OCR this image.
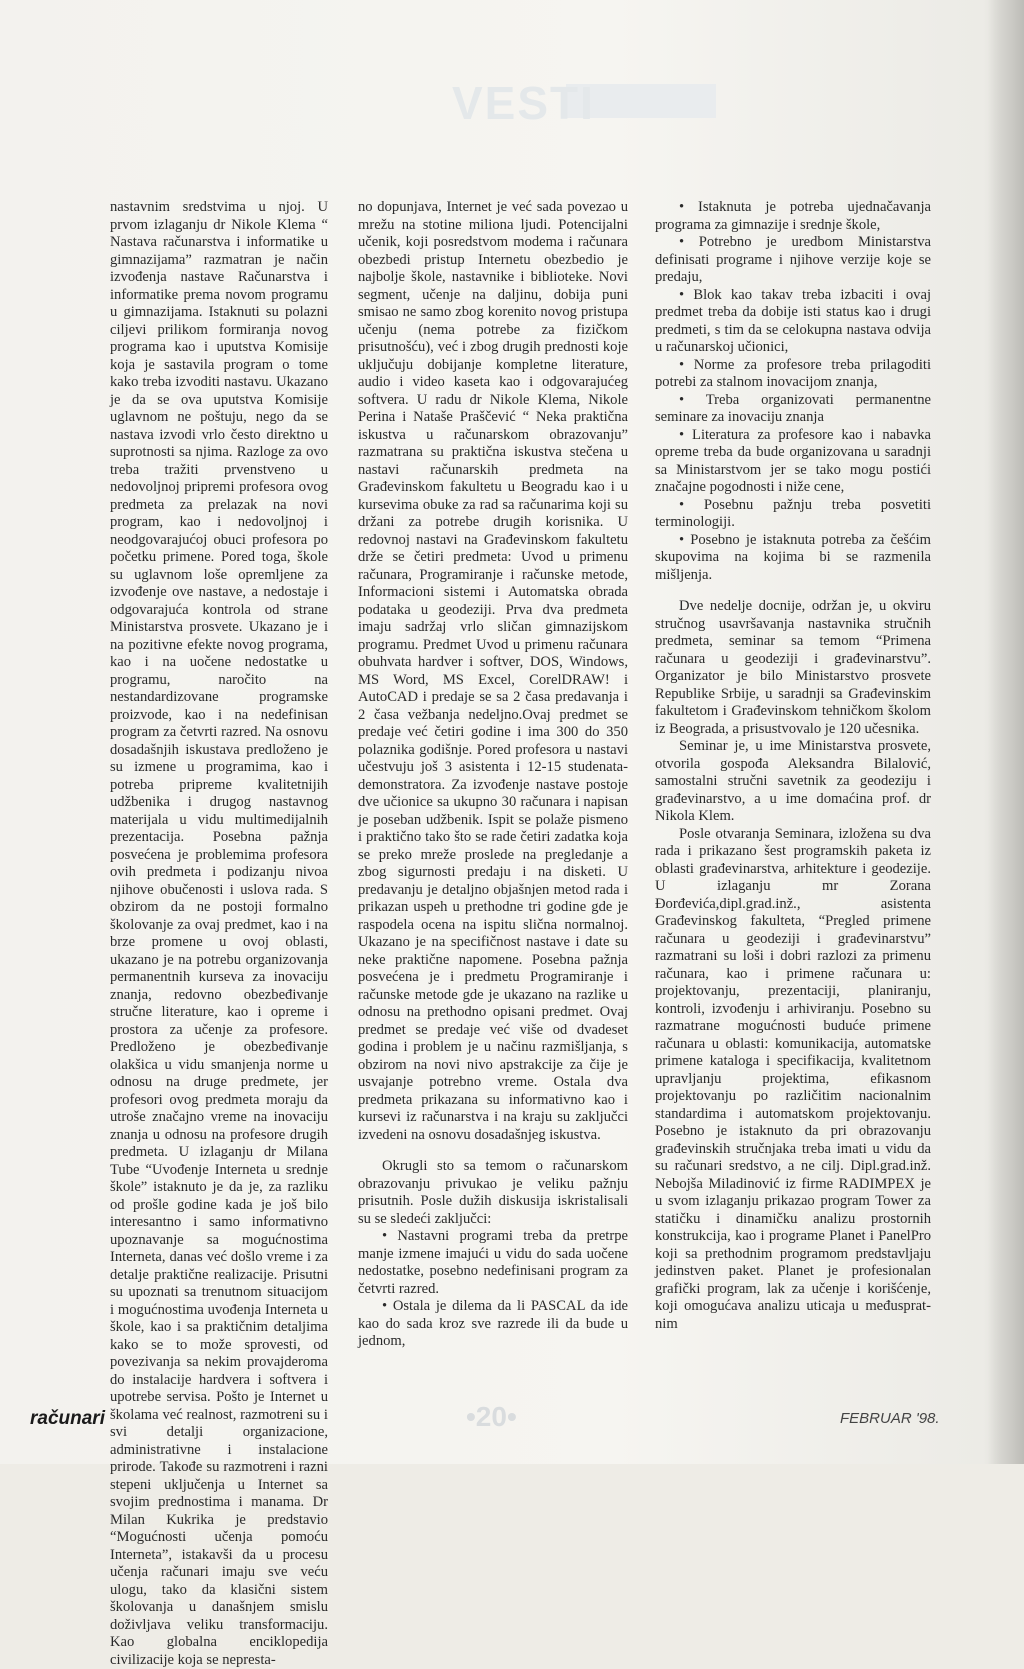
VESTI

nastavnim sredstvima u njoj. U prvom izlaganju dr Nikole Klema “ Nastava računarstva i informatike u gimnazijama” razmatran je način izvođenja nastave Računarstva i informatike prema novom programu u gimnazijama. Istaknuti su polazni ciljevi prilikom formiranja novog programa kao i uputstva Komisije koja je sastavila program o tome kako treba izvoditi nastavu. Ukazano je da se ova uputstva Komisije uglavnom ne poštuju, nego da se nastava izvodi vrlo često direktno u suprotnosti sa njima. Razloge za ovo treba tražiti prvenstveno u nedovoljnoj pripremi profesora ovog predmeta za prelazak na novi program, kao i nedovoljnoj i neodgovarajućoj obuci profesora po početku primene. Pored toga, škole su uglavnom loše opremljene za izvođenje ove nastave, a nedostaje i odgovarajuća kontrola od strane Ministarstva prosvete. Ukazano je i na pozitivne efekte novog programa, kao i na uočene nedostatke u programu, naročito na nestandardizovane programske proizvode, kao i na nedefinisan program za četvrti razred. Na osnovu dosadašnjih iskustava predloženo je su izmene u programima, kao i potreba pripreme kvalitetnijih udžbenika i drugog nastavnog materijala u vidu multimedijalnih prezentacija. Posebna pažnja posvećena je problemima profesora ovih predmeta i podizanju nivoa njihove obučenosti i uslova rada. S obzirom da ne postoji formalno školovanje za ovaj predmet, kao i na brze promene u ovoj oblasti, ukazano je na potrebu organizovanja permanentnih kurseva za inovaciju znanja, redovno obezbeđivanje stručne literature, kao i opreme i prostora za učenje za profesore. Predloženo je obezbeđivanje olakšica u vidu smanjenja norme u odnosu na druge predmete, jer profesori ovog predmeta moraju da utroše značajno vreme na inovaciju znanja u odnosu na profesore drugih predmeta. U izlaganju dr Milana Tube “Uvođenje Interneta u srednje škole” istaknuto je da je, za razliku od prošle godine kada je još bilo interesantno i samo informativno upoznavanje sa mogućnostima Interneta, danas već došlo vreme i za detalje praktične realizacije. Prisutni su upoznati sa trenutnom situacijom i mogućnostima uvođenja Interneta u škole, kao i sa praktičnim detaljima kako se to može sprovesti, od povezivanja sa nekim provajderoma do instalacije hardvera i softvera i upotrebe servisa. Pošto je Internet u školama već realnost, razmotreni su i svi detalji organizacione, administrativne i instalacione prirode. Takođe su razmotreni i razni stepeni uključenja u Internet sa svojim prednostima i manama. Dr Milan Kukrika je predstavio “Mogućnosti učenja pomoću Interneta”, istakavši da u procesu učenja računari imaju sve veću ulogu, tako da klasični sistem školovanja u današnjem smislu doživljava veliku transformaciju. Kao globalna enciklopedija civilizacije koja se nepresta-

no dopunjava, Internet je već sada povezao u mrežu na stotine miliona ljudi. Potencijalni učenik, koji posredstvom modema i računara obezbedi pristup Internetu obezbedio je najbolje škole, nastavnike i biblioteke. Novi segment, učenje na daljinu, dobija puni smisao ne samo zbog korenito novog pristupa učenju (nema potrebe za fizičkom prisutnošću), već i zbog drugih prednosti koje uključuju dobijanje kompletne literature, audio i video kaseta kao i odgovarajućeg softvera. U radu dr Nikole Klema, Nikole Perina i Nataše Praščević “ Neka praktična iskustva u računarskom obrazovanju” razmatrana su praktična iskustva stečena u nastavi računarskih predmeta na Građevinskom fakultetu u Beogradu kao i u kursevima obuke za rad sa računarima koji su držani za potrebe drugih korisnika. U redovnoj nastavi na Građevinskom fakultetu drže se četiri predmeta: Uvod u primenu računara, Programiranje i računske metode, Informacioni sistemi i Automatska obrada podataka u geodeziji. Prva dva predmeta imaju sadržaj vrlo sličan gimnazijskom programu. Predmet Uvod u primenu računara obuhvata hardver i softver, DOS, Windows, MS Word, MS Excel, CorelDRAW! i AutoCAD i predaje se sa 2 časa predavanja i 2 časa vežbanja nedeljno.Ovaj predmet se predaje već četiri godine i ima 300 do 350 polaznika godišnje. Pored profesora u nastavi učestvuju još 3 asistenta i 12-15 studenata-demonstratora. Za izvođenje nastave postoje dve učionice sa ukupno 30 računara i napisan je poseban udžbenik. Ispit se polaže pismeno i praktično tako što se rade četiri zadatka koja se preko mreže proslede na pregledanje a zbog sigurnosti predaju i na disketi. U predavanju je detaljno objašnjen metod rada i prikazan uspeh u prethodne tri godine gde je raspodela ocena na ispitu slična normalnoj. Ukazano je na specifičnost nastave i date su neke praktične napomene. Posebna pažnja posvećena je i predmetu Programiranje i računske metode gde je ukazano na razlike u odnosu na prethodno opisani predmet. Ovaj predmet se predaje već više od dvadeset godina i problem je u načinu razmišljanja, s obzirom na novi nivo apstrakcije za čije je usvajanje potrebno vreme. Ostala dva predmeta prikazana su informativno kao i kursevi iz računarstva i na kraju su zaključci izvedeni na osnovu dosadašnjeg iskustva.

Okrugli sto sa temom o računarskom obrazovanju privukao je veliku pažnju prisutnih. Posle dužih diskusija iskristalisali su se sledeći zaključci:

• Nastavni programi treba da pretrpe manje izmene imajući u vidu do sada uočene nedostatke, posebno nedefinisani program za četvrti razred.

• Ostala je dilema da li PASCAL da ide kao do sada kroz sve razrede ili da bude u jednom,

• Istaknuta je potreba ujednačavanja programa za gimnazije i srednje škole,

• Potrebno je uredbom Ministarstva definisati programe i njihove verzije koje se predaju,

• Blok kao takav treba izbaciti i ovaj predmet treba da dobije isti status kao i drugi predmeti, s tim da se celokupna nastava odvija u računarskoj učionici,

• Norme za profesore treba prilagoditi potrebi za stalnom inovacijom znanja,

• Treba organizovati permanentne seminare za inovaciju znanja

• Literatura za profesore kao i nabavka opreme treba da bude organizovana u saradnji sa Ministarstvom jer se tako mogu postići značajne pogodnosti i niže cene,

• Posebnu pažnju treba posvetiti terminologiji.

• Posebno je istaknuta potreba za češćim skupovima na kojima bi se razmenila mišljenja.

Dve nedelje docnije, održan je, u okviru stručnog usavršavanja nastavnika stručnih predmeta, seminar sa temom “Primena računara u geodeziji i građevinarstvu”. Organizator je bilo Ministarstvo prosvete Republike Srbije, u saradnji sa Građevinskim fakultetom i Građevinskom tehničkom školom iz Beograda, a prisustvovalo je 120 učesnika.

Seminar je, u ime Ministarstva prosvete, otvorila gospođa Aleksandra Bilalović, samostalni stručni savetnik za geodeziju i građevinarstvo, a u ime domaćina prof. dr Nikola Klem.

Posle otvaranja Seminara, izložena su dva rada i prikazano šest programskih paketa iz oblasti građevinarstva, arhitekture i geodezije. U izlaganju mr Zorana Đorđevića,dipl.grad.inž., asistenta Građevinskog fakulteta, “Pregled primene računara u geodeziji i građevinarstvu” razmatrani su loši i dobri razlozi za primenu računara, kao i primene računara u: projektovanju, prezentaciji, planiranju, kontroli, izvođenju i arhiviranju. Posebno su razmatrane mogućnosti buduće primene računara u oblasti: komunikacija, automatske primene kataloga i specifikacija, kvalitetnom upravljanju projektima, efikasnom projektovanju po različitim nacionalnim standardima i automatskom projektovanju. Posebno je istaknuto da pri obrazovanju građevinskih stručnjaka treba imati u vidu da su računari sredstvo, a ne cilj. Dipl.grad.inž. Nebojša Miladinović iz firme RADIMPEX je u svom izlaganju prikazao program Tower za statičku i dinamičku analizu prostornih konstrukcija, kao i programe Planet i PanelPro koji sa prethodnim programom predstavljaju jedinstven paket. Planet je profesionalan grafički program, lak za učenje i korišćenje, koji omogućava analizu uticaja u međuspratnim

računari	•20•	FEBRUAR '98.
